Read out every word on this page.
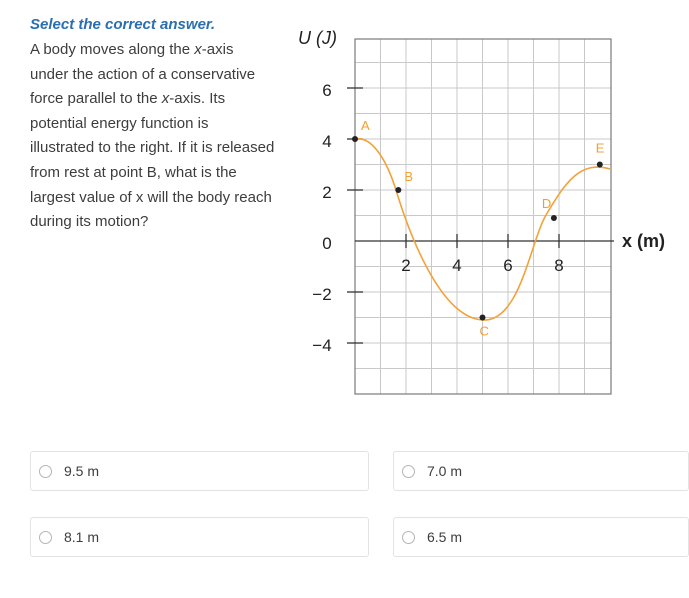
Select the correct answer.

A body moves along the x-axis under the action of a conservative force parallel to the x-axis. Its potential energy function is illustrated to the right. If it is released from rest at point B, what is the largest value of x will the body reach during its motion?

U (J)
x (m)
6
4
2
0
−2
−4
2 4 6 8
A
B
C
D
E
9.5 m	7.0 m
8.1 m	6.5 m
